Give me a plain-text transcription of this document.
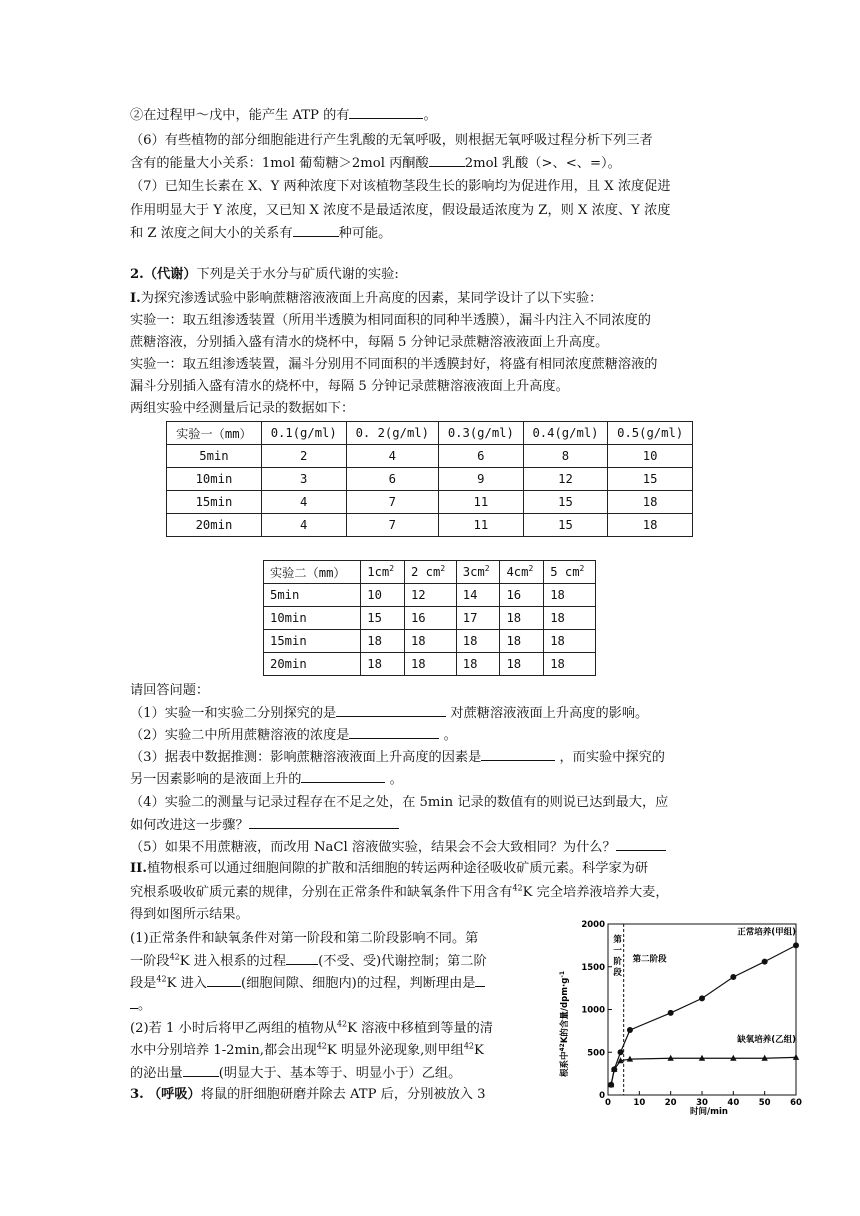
②在过程甲～戊中，能产生 ATP 的有	。
（6）有些植物的部分细胞能进行产生乳酸的无氧呼吸，则根据无氧呼吸过程分析下列三者
含有的能量大小关系：1mol 葡萄糖＞2mol 丙酮酸	2mol 乳酸（>、<、=）。
（7）已知生长素在 X、Y 两种浓度下对该植物茎段生长的影响均为促进作用，且 X 浓度促进
作用明显大于 Y 浓度，又已知 X 浓度不是最适浓度，假设最适浓度为 Z，则 X 浓度、Y 浓度
和 Z 浓度之间大小的关系有	种可能。
2.（代谢）下列是关于水分与矿质代谢的实验:
I.为探究渗透试验中影响蔗糖溶液液面上升高度的因素，某同学设计了以下实验：
实验一：取五组渗透装置（所用半透膜为相同面积的同种半透膜），漏斗内注入不同浓度的
蔗糖溶液，分别插入盛有清水的烧杯中，每隔 5 分钟记录蔗糖溶液液面上升高度。
实验一：取五组渗透装置，漏斗分别用不同面积的半透膜封好，将盛有相同浓度蔗糖溶液的
漏斗分别插入盛有清水的烧杯中，每隔 5 分钟记录蔗糖溶液液面上升高度。
两组实验中经测量后记录的数据如下：
实验一（mm）	0.1(g/ml)	0. 2(g/ml)	0.3(g/ml)	0.4(g/ml)	0.5(g/ml)
5min	2	4	6	8	10
10min	3	6	9	12	15
15min	4	7	11	15	18
20min	4	7	11	15	18
实验二（mm）	$1cm^2$	2 $cm^2$	$3cm^2$	$4cm^2$	5 $cm^2$
5min	10	12	14	16	18
10min	15	16	17	18	18
15min	18	18	18	18	18
20min	18	18	18	18	18
请回答问题：
（1）实验一和实验二分别探究的是	对蔗糖溶液液面上升高度的影响。
（2）实验二中所用蔗糖溶液的浓度是	。
（3）据表中数据推测：影响蔗糖溶液液面上升高度的因素是	，而实验中探究的
另一因素影响的是液面上升的	。
（4）实验二的测量与记录过程存在不足之处，在 5min 记录的数值有的则说已达到最大，应
如何改进这一步骤？
（5）如果不用蔗糖液，而改用 NaCl 溶液做实验，结果会不会大致相同？为什么？
II.植物根系可以通过细胞间隙的扩散和活细胞的转运两种途径吸收矿质元素。科学家为研
究根系吸收矿质元素的规律，分别在正常条件和缺氧条件下用含有$^{42}$K 完全培养液培养大麦，
得到如图所示结果。
(1)正常条件和缺氧条件对第一阶段和第二阶段影响不同。第
一阶段$^{42}$K 进入根系的过程 (不受、受)代谢控制；第二阶
段是$^{42}$K 进入	(细胞间隙、细胞内)的过程，判断理由是
。
(2)若 1 小时后将甲乙两组的植物从$^{42}$K 溶液中移植到等量的清
水中分别培养 1-2min,都会出现$^{42}$K 明显外泌现象,则甲组$^{42}$K
的泌出量	(明显大于、基本等于、明显小于）乙组。
3. （呼吸）将鼠的肝细胞研磨并除去 ATP 后，分别被放入 3	0
500
1000
1500
2000
0	10 20 30 40 50 60
第一阶段
第二阶段
正常培养(甲组)
缺氧培养(乙组)
根系中$^{42}$K的含量$/dpm\cdot g^{-1}$
时间/min
